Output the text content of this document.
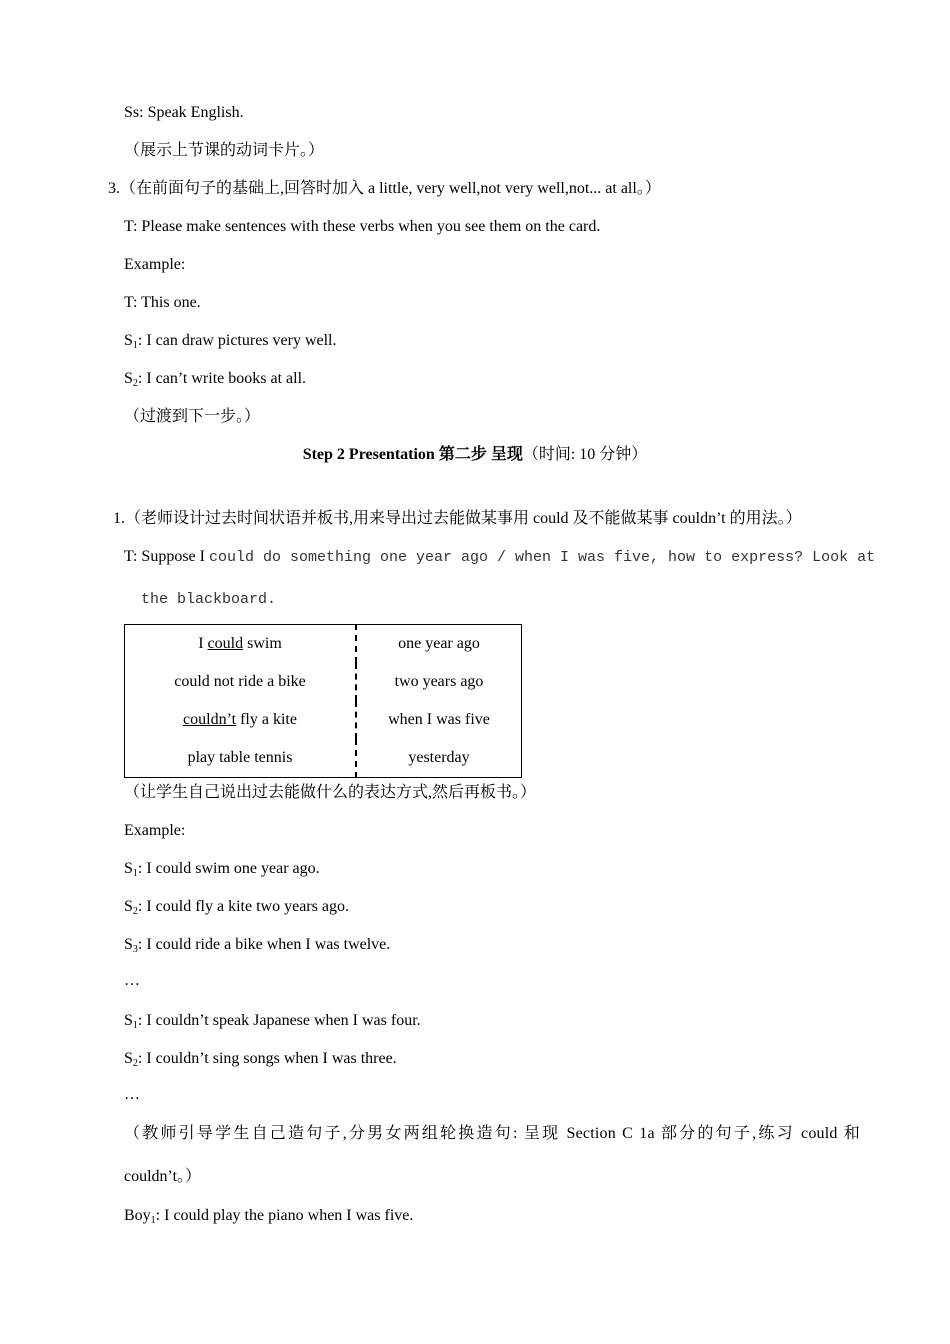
Ss: Speak English.
（展示上节课的动词卡片。）
3.（在前面句子的基础上,回答时加入 a little, very well,not very well,not... at all。）
T: Please make sentences with these verbs when you see them on the card.
Example:
T: This one.
$S_1$: I can draw pictures very well.
$S_2$: I can’t write books at all.
（过渡到下一步。）
Step 2 Presentation 第二步 呈现（时间: 10 分钟）
1.（老师设计过去时间状语并板书,用来导出过去能做某事用 could 及不能做某事 couldn’t 的用法。）
T: Suppose I could do something one year ago / when I was five, how to express? Look at
the blackboard.
I could swim	one year ago
could not ride a bike	two years ago
couldn’t fly a kite	when I was five
play table tennis	yesterday
（让学生自己说出过去能做什么的表达方式,然后再板书。）
Example:
$S_1$: I could swim one year ago.
$S_2$: I could fly a kite two years ago.
$S_3$: I could ride a bike when I was twelve.
…
$S_1$: I couldn’t speak Japanese when I was four.
$S_2$: I couldn’t sing songs when I was three.
…
（教师引导学生自己造句子,分男女两组轮换造句: 呈现 Section C 1a 部分的句子,练习 could 和
couldn’t。）
Boy$_1$: I could play the piano when I was five.
